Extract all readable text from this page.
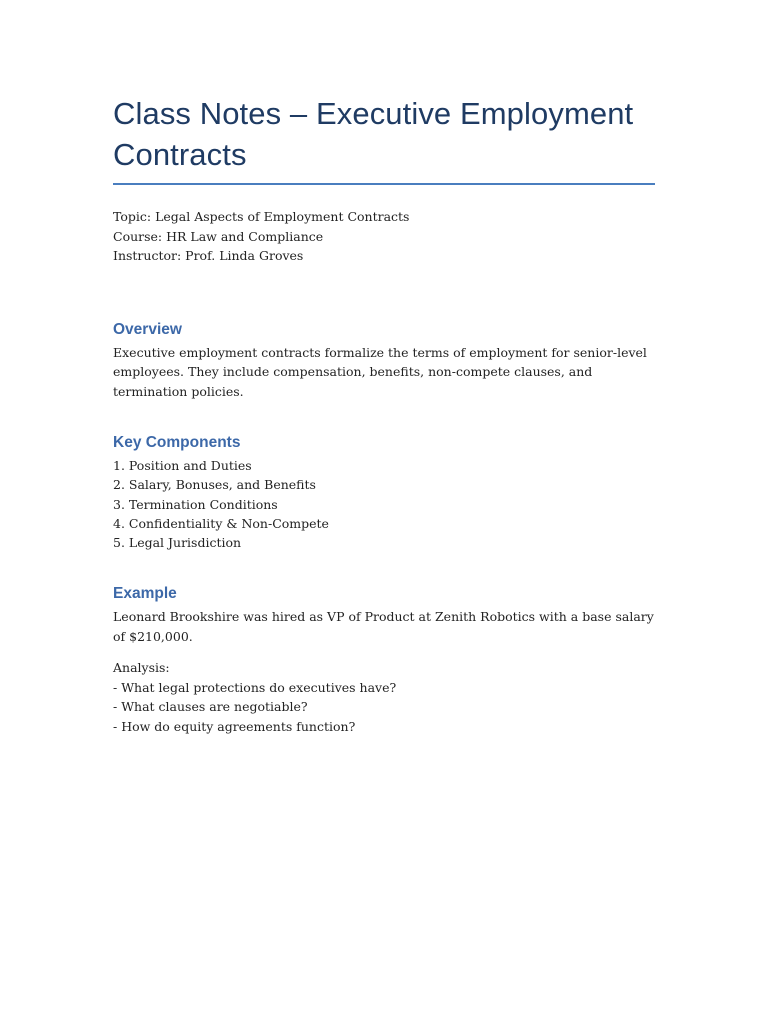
Class Notes – Executive Employment Contracts
Topic: Legal Aspects of Employment Contracts
Course: HR Law and Compliance
Instructor: Prof. Linda Groves
Overview

Executive employment contracts formalize the terms of employment for senior-level employees. They include compensation, benefits, non-compete clauses, and termination policies.

Key Components
1. Position and Duties
2. Salary, Bonuses, and Benefits
3. Termination Conditions
4. Confidentiality & Non-Compete
5. Legal Jurisdiction
Example

Leonard Brookshire was hired as VP of Product at Zenith Robotics with a base salary of $210,000.

Analysis:
- What legal protections do executives have?
- What clauses are negotiable?
- How do equity agreements function?
